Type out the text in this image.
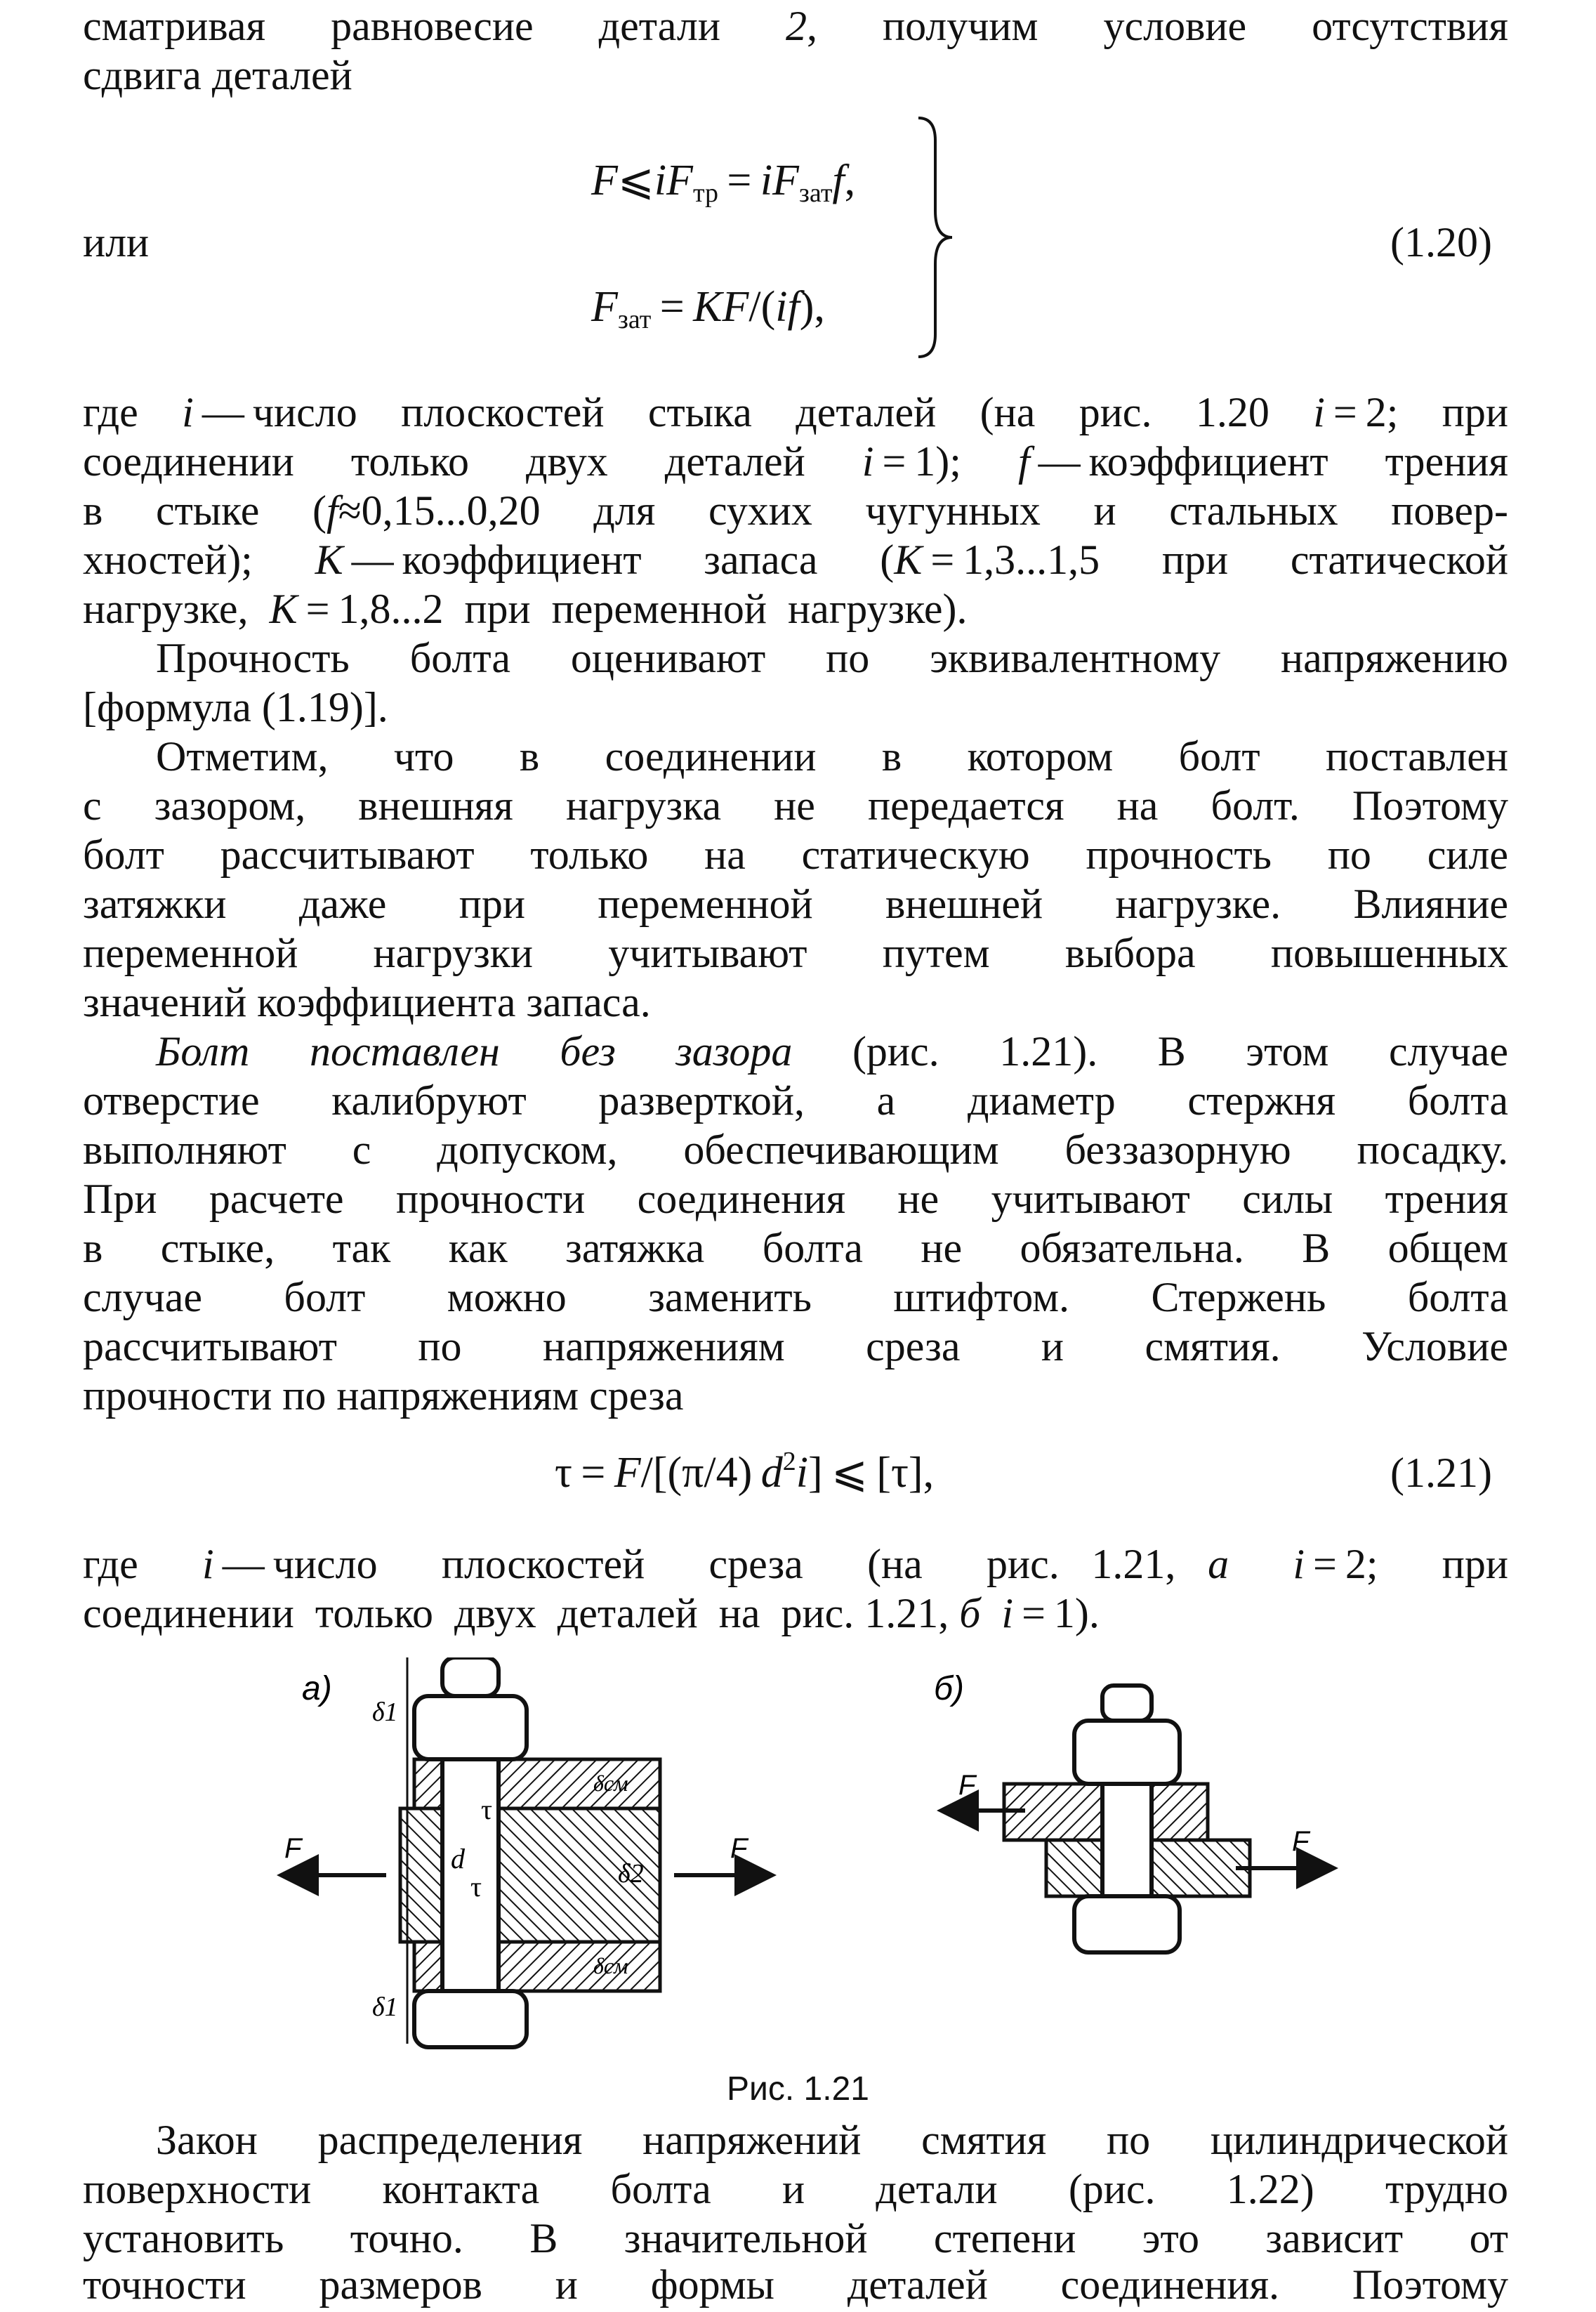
сматривая равновесие детали 2, получим условие отсутствия
сдвига деталей
$F⩽iF_{тр} = iF_{зат}f$,
или
$F_{зат} = KF/(if)$,
(1.20)
где i — число плоскостей стыка деталей (на рис. 1.20 i = 2; при
соединении только двух деталей i = 1); f — коэффициент трения
в стыке (f≈0,15...0,20 для сухих чугунных и стальных повер-
хностей); K — коэффициент запаса (K = 1,3...1,5 при статической
нагрузке,  K = 1,8...2  при  переменной  нагрузке).
Прочность болта оценивают по эквивалентному напряжению
[формула (1.19)].
Отметим, что в соединении в котором болт поставлен
с зазором, внешняя нагрузка не передается на болт. Поэтому
болт рассчитывают только на статическую прочность по силе
затяжки даже при переменной внешней нагрузке. Влияние
переменной нагрузки учитывают путем выбора повышенных
значений коэффициента запаса.
Болт поставлен без зазора (рис. 1.21). В этом случае
отверстие калибруют разверткой, а диаметр стержня болта
выполняют с допуском, обеспечивающим беззазорную посадку.
При расчете прочности соединения не учитывают силы трения
в стыке, так как затяжка болта не обязательна. В общем
случае болт можно заменить штифтом. Стержень болта
рассчитывают по напряжениям среза и смятия. Условие
прочности по напряжениям среза
τ = F/[(π/4) $d^2i$] ⩽ [τ],	(1.21)
где  i — число  плоскостей  среза  (на  рис. 1.21, а i = 2;  при
соединении  только  двух  деталей  на  рис. 1.21, б i = 1).
а)
τ
τ
d
F	F
δ1
δ1
δ2
δсм
δсм
б)
F
F
Рис. 1.21
Закон распределения напряжений смятия по цилиндрической
поверхности контакта болта и детали (рис. 1.22) трудно
установить точно. В значительной степени это зависит от
точности размеров и формы деталей соединения. Поэтому
